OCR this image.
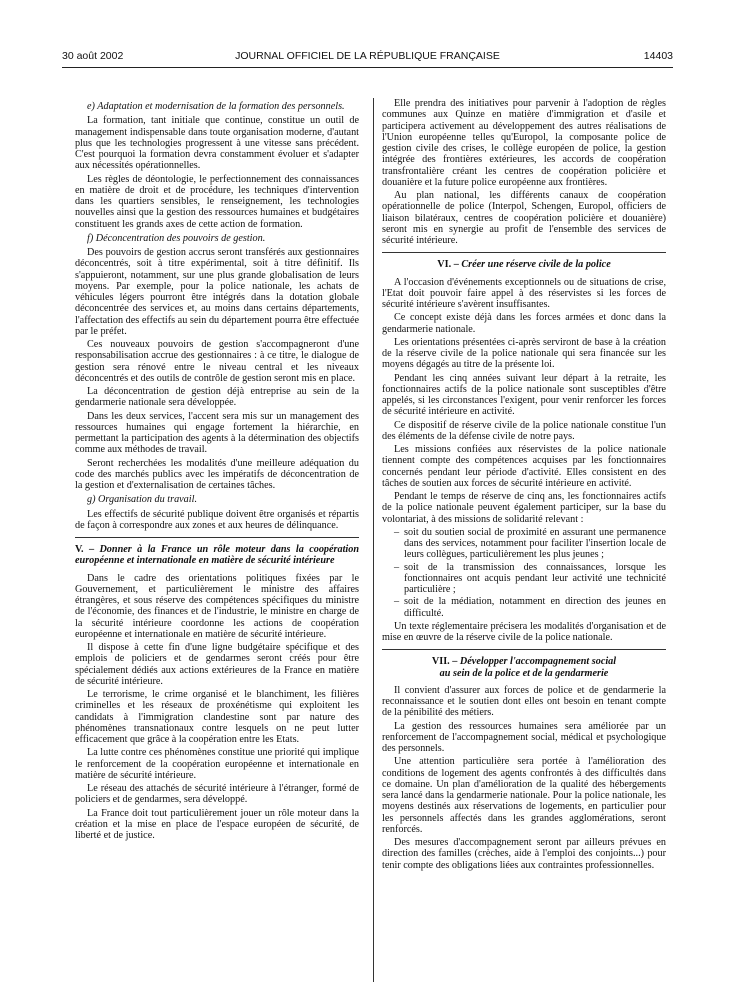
30 août 2002	JOURNAL OFFICIEL DE LA RÉPUBLIQUE FRANÇAISE	14403

e) Adaptation et modernisation de la formation des personnels.

La formation, tant initiale que continue, constitue un outil de management indispensable dans toute organisation moderne, d'autant plus que les technologies progressent à une vitesse sans précédent. C'est pourquoi la formation devra constamment évoluer et s'adapter aux nécessités opérationnelles.

Les règles de déontologie, le perfectionnement des connaissances en matière de droit et de procédure, les techniques d'intervention dans les quartiers sensibles, le renseignement, les technologies nouvelles ainsi que la gestion des ressources humaines et budgétaires constituent les grands axes de cette action de formation.

f) Déconcentration des pouvoirs de gestion.

Des pouvoirs de gestion accrus seront transférés aux gestionnaires déconcentrés, soit à titre expérimental, soit à titre définitif. Ils s'appuieront, notamment, sur une plus grande globalisation de leurs moyens. Par exemple, pour la police nationale, les achats de véhicules légers pourront être intégrés dans la dotation globale déconcentrée des services et, au moins dans certains départements, l'affectation des effectifs au sein du département pourra être effectuée par le préfet.

Ces nouveaux pouvoirs de gestion s'accompagneront d'une responsabilisation accrue des gestionnaires : à ce titre, le dialogue de gestion sera rénové entre le niveau central et les niveaux déconcentrés et des outils de contrôle de gestion seront mis en place.

La déconcentration de gestion déjà entreprise au sein de la gendarmerie nationale sera développée.

Dans les deux services, l'accent sera mis sur un management des ressources humaines qui engage fortement la hiérarchie, en permettant la participation des agents à la détermination des objectifs comme aux méthodes de travail.

Seront recherchées les modalités d'une meilleure adéquation du code des marchés publics avec les impératifs de déconcentration de la gestion et d'externalisation de certaines tâches.

g) Organisation du travail.

Les effectifs de sécurité publique doivent être organisés et répartis de façon à correspondre aux zones et aux heures de délinquance.

V. – Donner à la France un rôle moteur dans la coopération européenne et internationale en matière de sécurité intérieure

Dans le cadre des orientations politiques fixées par le Gouvernement, et particulièrement le ministre des affaires étrangères, et sous réserve des compétences spécifiques du ministre de l'économie, des finances et de l'industrie, le ministre en charge de la sécurité intérieure coordonne les actions de coopération européenne et internationale en matière de sécurité intérieure.

Il dispose à cette fin d'une ligne budgétaire spécifique et des emplois de policiers et de gendarmes seront créés pour être spécialement dédiés aux actions extérieures de la France en matière de sécurité intérieure.

Le terrorisme, le crime organisé et le blanchiment, les filières criminelles et les réseaux de proxénétisme qui exploitent les candidats à l'immigration clandestine sont par nature des phénomènes transnationaux contre lesquels on ne peut lutter efficacement que grâce à la coopération entre les Etats.

La lutte contre ces phénomènes constitue une priorité qui implique le renforcement de la coopération européenne et internationale en matière de sécurité intérieure.

Le réseau des attachés de sécurité intérieure à l'étranger, formé de policiers et de gendarmes, sera développé.

La France doit tout particulièrement jouer un rôle moteur dans la création et la mise en place de l'espace européen de sécurité, de liberté et de justice.

Elle prendra des initiatives pour parvenir à l'adoption de règles communes aux Quinze en matière d'immigration et d'asile et participera activement au développement des autres réalisations de l'Union européenne telles qu'Europol, la composante police de gestion civile des crises, le collège européen de police, la gestion intégrée des frontières extérieures, les accords de coopération transfrontalière créant les centres de coopération policière et douanière et la future police européenne aux frontières.

Au plan national, les différents canaux de coopération opérationnelle de police (Interpol, Schengen, Europol, officiers de liaison bilatéraux, centres de coopération policière et douanière) seront mis en synergie au profit de l'ensemble des services de sécurité intérieure.

VI. – Créer une réserve civile de la police

A l'occasion d'événements exceptionnels ou de situations de crise, l'Etat doit pouvoir faire appel à des réservistes si les forces de sécurité intérieure s'avèrent insuffisantes.

Ce concept existe déjà dans les forces armées et donc dans la gendarmerie nationale.

Les orientations présentées ci-après serviront de base à la création de la réserve civile de la police nationale qui sera financée sur les moyens dégagés au titre de la présente loi.

Pendant les cinq années suivant leur départ à la retraite, les fonctionnaires actifs de la police nationale sont susceptibles d'être appelés, si les circonstances l'exigent, pour venir renforcer les forces de sécurité intérieure en activité.

Ce dispositif de réserve civile de la police nationale constitue l'un des éléments de la défense civile de notre pays.

Les missions confiées aux réservistes de la police nationale tiennent compte des compétences acquises par les fonctionnaires concernés pendant leur période d'activité. Elles consistent en des tâches de soutien aux forces de sécurité intérieure en activité.

Pendant le temps de réserve de cinq ans, les fonctionnaires actifs de la police nationale peuvent également participer, sur la base du volontariat, à des missions de solidarité relevant :

– soit du soutien social de proximité en assurant une permanence dans des services, notamment pour faciliter l'insertion locale de leurs collègues, particulièrement les plus jeunes ;
– soit de la transmission des connaissances, lorsque les fonctionnaires ont acquis pendant leur activité une technicité particulière ;
– soit de la médiation, notamment en direction des jeunes en difficulté.

Un texte réglementaire précisera les modalités d'organisation et de mise en œuvre de la réserve civile de la police nationale.

VII. – Développer l'accompagnement social
au sein de la police et de la gendarmerie

Il convient d'assurer aux forces de police et de gendarmerie la reconnaissance et le soutien dont elles ont besoin en tenant compte de la pénibilité des métiers.

La gestion des ressources humaines sera améliorée par un renforcement de l'accompagnement social, médical et psychologique des personnels.

Une attention particulière sera portée à l'amélioration des conditions de logement des agents confrontés à des difficultés dans ce domaine. Un plan d'amélioration de la qualité des hébergements sera lancé dans la gendarmerie nationale. Pour la police nationale, les moyens destinés aux réservations de logements, en particulier pour les personnels affectés dans les grandes agglomérations, seront renforcés.

Des mesures d'accompagnement seront par ailleurs prévues en direction des familles (crèches, aide à l'emploi des conjoints...) pour tenir compte des obligations liées aux contraintes professionnelles.
